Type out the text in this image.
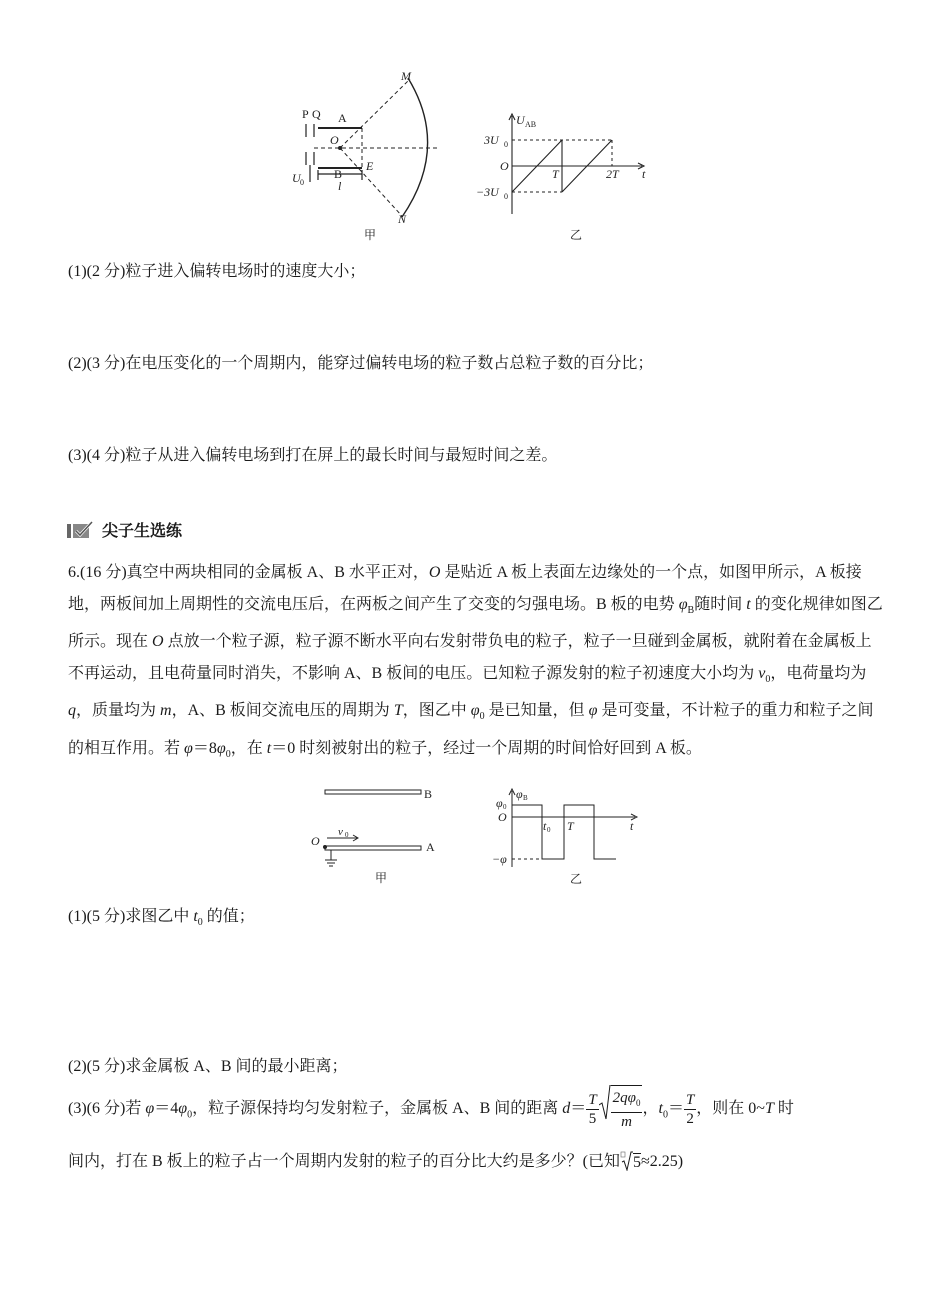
P Q A
O
E
M
N
B
U 0	l
甲
U AB
3U 0
O
−3U 0
T	2T t
乙
(1)(2 分)粒子进入偏转电场时的速度大小；
(2)(3 分)在电压变化的一个周期内，能穿过偏转电场的粒子数占总粒子数的百分比；
(3)(4 分)粒子从进入偏转电场到打在屏上的最长时间与最短时间之差。
尖子生选练
6.(16 分)真空中两块相同的金属板 A、B 水平正对，O 是贴近 A 板上表面左边缘处的一个点，如图甲所示，A 板接地，两板间加上周期性的交流电压后，在两板之间产生了交变的匀强电场。B 板的电势 $\varphi_B$随时间 t 的变化规律如图乙所示。现在 O 点放一个粒子源，粒子源不断水平向右发射带负电的粒子，粒子一旦碰到金属板，就附着在金属板上不再运动，且电荷量同时消失，不影响 A、B 板间的电压。已知粒子源发射的粒子初速度大小均为 $v_0$，电荷量均为 q，质量均为 m，A、B 板间交流电压的周期为 T，图乙中 $\varphi_0$ 是已知量，但 φ 是可变量，不计粒子的重力和粒子之间的相互作用。若 $\varphi=8\varphi_0$，在 t＝0 时刻被射出的粒子，经过一个周期的时间恰好回到 A 板。
B
A
O
v 0
甲
φ B
φ 0
O
t 0 T	t
−φ
乙
(1)(5 分)求图乙中 $t_0$ 的值；
(2)(5 分)求金属板 A、B 间的最小距离；
(3)(6 分)若 $\varphi=4\varphi_0$，粒子源保持均匀发射粒子，金属板 A、B 间的距离 $d= \frac{T}{5} \frac{2q\varphi_0}{m}$ ，$t_0= \frac{T}{2}$ ，则在 0~T 时
间内，打在 B 板上的粒子占一个周期内发射的粒子的百分比大约是多少？(已知 5≈2.25)
